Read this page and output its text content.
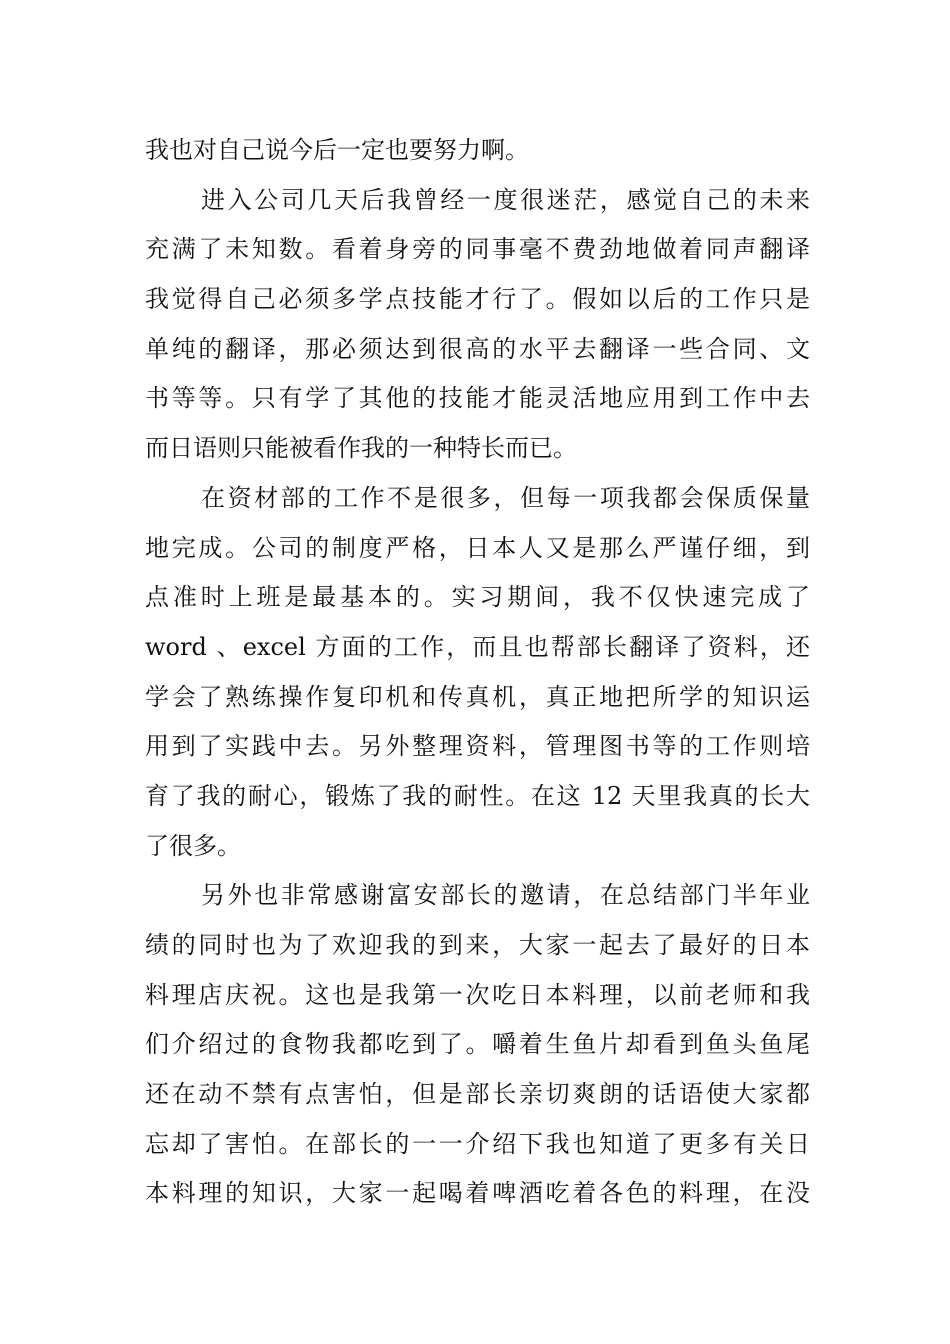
我也对自己说今后一定也要努力啊。
进入公司几天后我曾经一度很迷茫，感觉自己的未来
充满了未知数。看着身旁的同事毫不费劲地做着同声翻译
我觉得自己必须多学点技能才行了。假如以后的工作只是
单纯的翻译，那必须达到很高的水平去翻译一些合同、文
书等等。只有学了其他的技能才能灵活地应用到工作中去
而日语则只能被看作我的一种特长而已。
在资材部的工作不是很多，但每一项我都会保质保量
地完成。公司的制度严格，日本人又是那么严谨仔细，到
点准时上班是最基本的。实习期间，我不仅快速完成了
word 、excel 方面的工作，而且也帮部长翻译了资料，还
学会了熟练操作复印机和传真机，真正地把所学的知识运
用到了实践中去。另外整理资料，管理图书等的工作则培
育了我的耐心，锻炼了我的耐性。在这 12 天里我真的长大
了很多。
另外也非常感谢富安部长的邀请，在总结部门半年业
绩的同时也为了欢迎我的到来，大家一起去了最好的日本
料理店庆祝。这也是我第一次吃日本料理，以前老师和我
们介绍过的食物我都吃到了。嚼着生鱼片却看到鱼头鱼尾
还在动不禁有点害怕，但是部长亲切爽朗的话语使大家都
忘却了害怕。在部长的一一介绍下我也知道了更多有关日
本料理的知识，大家一起喝着啤酒吃着各色的料理，在没
